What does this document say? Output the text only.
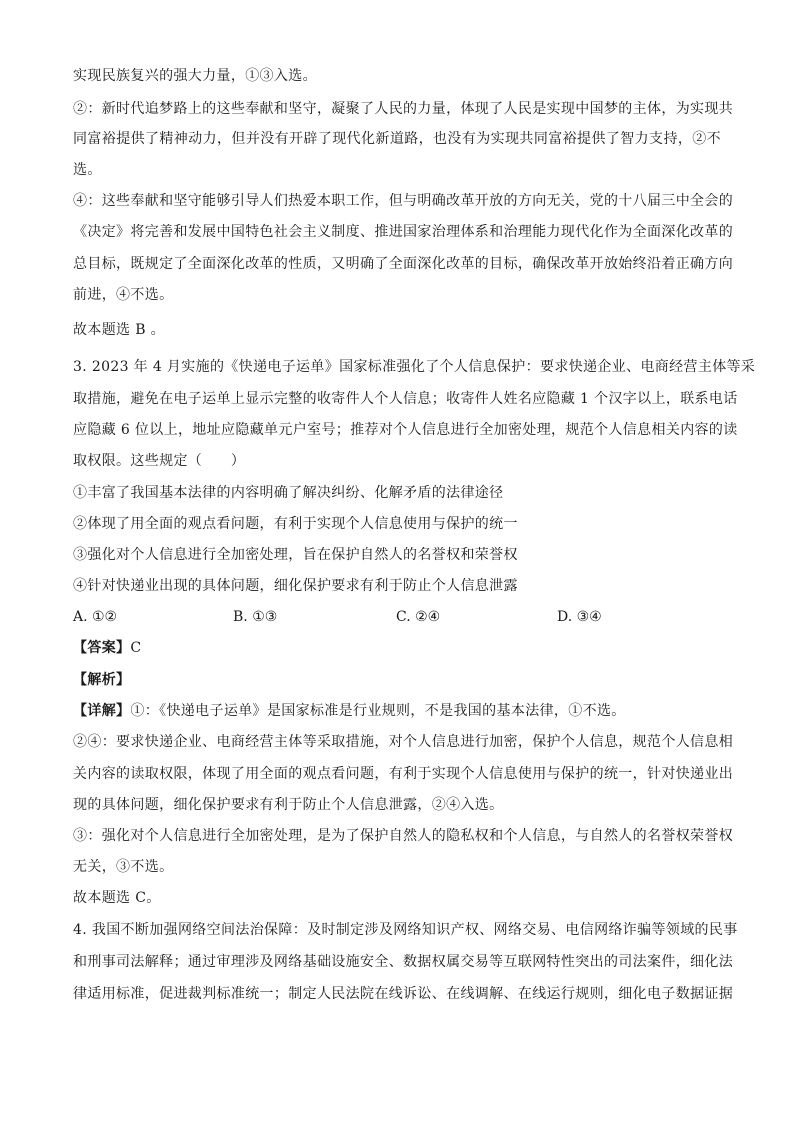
实现民族复兴的强大力量，①③入选。
②：新时代追梦路上的这些奉献和坚守，凝聚了人民的力量，体现了人民是实现中国梦的主体，为实现共
同富裕提供了精神动力，但并没有开辟了现代化新道路，也没有为实现共同富裕提供了智力支持，②不
选。
④：这些奉献和坚守能够引导人们热爱本职工作，但与明确改革开放的方向无关，党的十八届三中全会的
《决定》将完善和发展中国特色社会主义制度、推进国家治理体系和治理能力现代化作为全面深化改革的
总目标，既规定了全面深化改革的性质，又明确了全面深化改革的目标，确保改革开放始终沿着正确方向
前进，④不选。
故本题选 B 。
3. 2023 年 4 月实施的《快递电子运单》国家标准强化了个人信息保护：要求快递企业、电商经营主体等采
取措施，避免在电子运单上显示完整的收寄件人个人信息；收寄件人姓名应隐藏 1 个汉字以上，联系电话
应隐藏 6 位以上，地址应隐藏单元户室号；推荐对个人信息进行全加密处理，规范个人信息相关内容的读
取权限。这些规定（　　）
①丰富了我国基本法律的内容明确了解决纠纷、化解矛盾的法律途径
②体现了用全面的观点看问题，有利于实现个人信息使用与保护的统一
③强化对个人信息进行全加密处理，旨在保护自然人的名誉权和荣誉权
④针对快递业出现的具体问题，细化保护要求有利于防止个人信息泄露
A. ①②	B. ①③	C. ②④	D. ③④
【答案】C
【解析】
【详解】①：《快递电子运单》是国家标准是行业规则，不是我国的基本法律，①不选。
②④：要求快递企业、电商经营主体等采取措施，对个人信息进行加密，保护个人信息，规范个人信息相
关内容的读取权限，体现了用全面的观点看问题，有利于实现个人信息使用与保护的统一，针对快递业出
现的具体问题，细化保护要求有利于防止个人信息泄露，②④入选。
③：强化对个人信息进行全加密处理，是为了保护自然人的隐私权和个人信息，与自然人的名誉权荣誉权
无关，③不选。
故本题选 C。
4. 我国不断加强网络空间法治保障：及时制定涉及网络知识产权、网络交易、电信网络诈骗等领域的民事
和刑事司法解释；通过审理涉及网络基础设施安全、数据权属交易等互联网特性突出的司法案件，细化法
律适用标准，促进裁判标准统一；制定人民法院在线诉讼、在线调解、在线运行规则，细化电子数据证据
